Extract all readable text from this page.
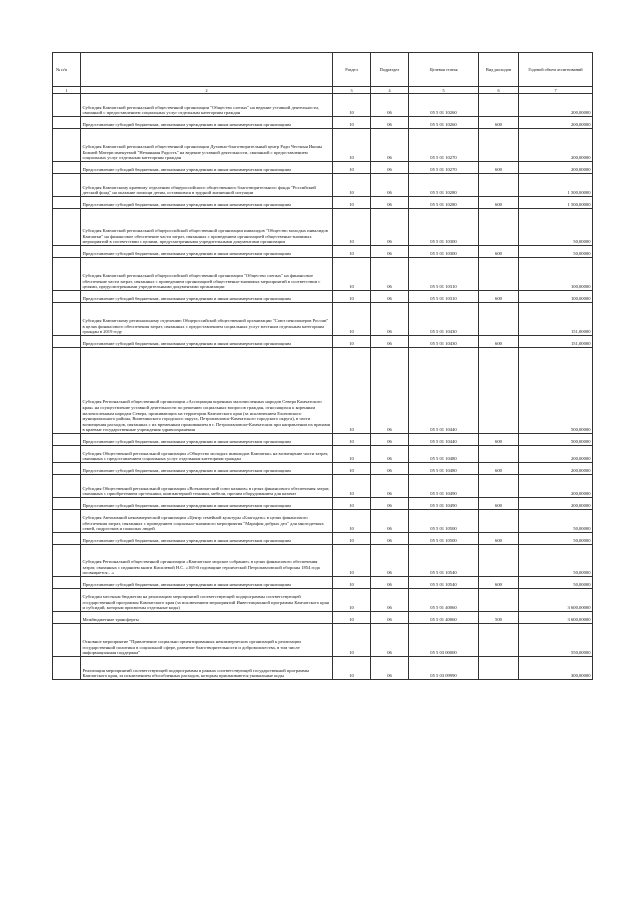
№ п/п		Раздел	Подраздел	Целевая статья	Вид расходов	Годовой объем ассигнований
1	2	3	4	5	6	7
	Субсидия Камчатской региональной общественной организации "Общество слепых" на ведение уставной деятельности, связанной с предоставлением социальных услуг отдельным категориям граждан	10	06	05 5 01 10260		200,00000
	Предоставление субсидий бюджетным, автономным учреждениям и иным некоммерческим организациям	10	06	05 5 01 10260	600	200,00000
	Субсидия Камчатской региональной общественной организации Духовно-благотворительный центр Ради Честныя Иконы Божией Матери именуемой "Нечаянная Радость" на ведение уставной деятельности, связанной с предоставлением социальных услуг отдельным категориям граждан	10	06	05 5 01 10270		200,00000
	Предоставление субсидий бюджетным, автономным учреждениям и иным некоммерческим организациям	10	06	05 5 01 10270	600	200,00000
	Субсидия Камчатскому краевому отделению общероссийского общественного благотворительного фонда "Российский детский фонд" на оказание помощи детям, оставшимся в трудной жизненной ситуации	10	06	05 5 01 10280		1 500,00000
	Предоставление субсидий бюджетным, автономным учреждениям и иным некоммерческим организациям	10	06	05 5 01 10280	600	1 500,00000
	Субсидия Камчатской региональной общероссийской общественной организации инвалидов "Общество молодых инвалидов Камчатки" на финансовое обеспечение части затрат, связанных с проведением организацией общественно-значимых мероприятий в соответствии с целями, предусмотренными учредительными документами организации	10	06	05 5 01 10300		50,00000
	Предоставление субсидий бюджетным, автономным учреждениям и иным некоммерческим организациям	10	06	05 5 01 10300	600	50,00000
	Субсидия Камчатской региональной общероссийской общественной организации "Общество слепых" на финансовое обеспечение части затрат, связанных с проведением организацией общественно-значимых мероприятий в соответствии с целями, предусмотренными учредительными документами организации	10	06	05 5 01 10310		100,00000
	Предоставление субсидий бюджетным, автономным учреждениям и иным некоммерческим организациям	10	06	05 5 01 10310	600	100,00000
	Субсидия Камчатскому региональному отделению Общероссийской общественной организации "Союз пенсионеров России" в целях финансового обеспечения затрат, связанных с предоставлением социальных услуг местным отдельным категориям граждан в 2019 году	10	06	05 5 01 10430		151,00000
	Предоставление субсидий бюджетным, автономным учреждениям и иным некоммерческим организациям	10	06	05 5 01 10430	600	151,00000
	Субсидия Региональной общественной организации «Ассоциация коренных малочисленных народов Севера Камчатского края» на осуществление уставной деятельности по решению социальных вопросов граждан, относящихся к коренным малочисленным народам Севера, проживающих на территории Камчатского края (за исключением Елизовского муниципального района, Вилючинского городского округа, Петропавловск-Камчатского городского округа), в части возмещения расходов, связанных с их временным проживанием в г. Петропавловске-Камчатском при направлении их врачами в краевые государственные учреждения здравоохранения	10	06	05 5 01 10440		500,00000
	Предоставление субсидий бюджетным, автономным учреждениям и иным некоммерческим организациям	10	06	05 5 01 10440	600	500,00000
	Субсидия Общественной региональной организации «Общество молодых инвалидов Камчатки» на возмещение части затрат, связанных с предоставлением социальных услуг отдельным категориям граждан	10	06	05 5 01 10480		200,00000
	Предоставление субсидий бюджетным, автономным учреждениям и иным некоммерческим организациям	10	06	05 5 01 10480	600	200,00000
	Субсидия Общественной региональной организации «Всекамчатский союз казаков» в целях финансового обеспечения затрат, связанных с приобретением оргтехники, компьютерной техники, мебели, прочим оборудованием для казачат	10	06	05 5 01 10490		200,00000
	Предоставление субсидий бюджетным, автономным учреждениям и иным некоммерческим организациям	10	06	05 5 01 10490	600	200,00000
	Субсидия Автономной некоммерческой организации «Центр семейной культуры «Благодать» в целях финансового обеспечения затрат, связанных с проведением социально-значимого мероприятия "Марафон добрых дел" для многодетных семей, подростков и пожилых людей	10	06	05 5 01 10500		50,00000
	Предоставление субсидий бюджетным, автономным учреждениям и иным некоммерческим организациям	10	06	05 5 01 10500	600	50,00000
	Субсидия Региональной общественной организации «Камчатское морское собрание» в целях финансового обеспечения затрат, связанных с изданием книги Кисилевой Н.С. «165-й годовщине героической Петропавловской обороны 1854 года посвящается…»	10	06	05 5 01 10540		50,00000
	Предоставление субсидий бюджетным, автономным учреждениям и иным некоммерческим организациям	10	06	05 5 01 10540	600	50,00000
	Субсидии местным бюджетам на реализацию мероприятий соответствующей подпрограммы соответствующей государственной программы Камчатского края (за исключением мероприятий Инвестиционной программы Камчатского края и субсидий, которым присвоены отдельные коды)	10	06	05 5 01 40060		3 600,00000
	Межбюджетные трансферты	10	06	05 5 01 40060	500	3 600,00000
	Основное мероприятие "Привлечение социально ориентированных некоммерческих организаций к реализации государственной политики в социальной сфере, развитие благотворительности и добровольчества, в том числе информационная поддержка"	10	06	05 5 03 00000		550,00000
	Реализация мероприятий соответствующей подпрограммы в рамках соответствующей государственной программы Камчатского края, за исключением обособленных расходов, которым присваиваются уникальные коды	10	06	05 5 03 09990		300,00000
